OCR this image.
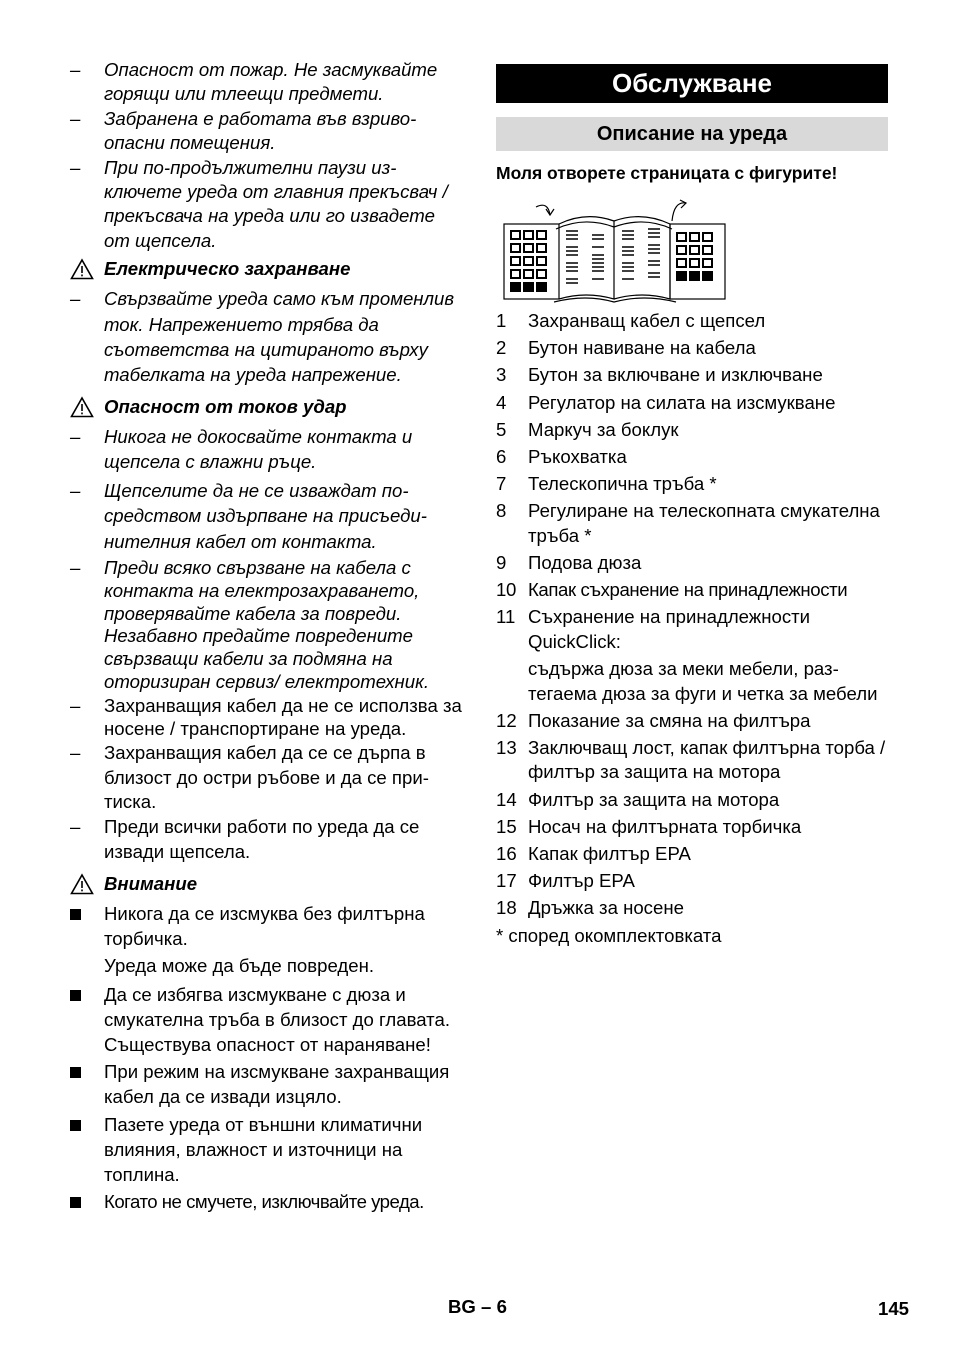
–
Опасност от пожар. Не засмуквайте горящи или тлеещи предмети.
–
Забранена е работата във взривоопасни помещения.
–
При по-продължителни паузи изключете уреда от главния прекъсвач / прекъсвача на уреда или го извадете от щепсела.
Електрическо захранване
–
Свързвайте уреда само към променлив ток. Напрежението трябва да съответства на цитираното върху табелката на уреда напрежение.
Опасност от токов удар
–
Никога не докосвайте контакта и щепсела с влажни ръце.
–
Щепселите да не се изваждат посредством издърпване на присъединителния кабел от контакта.
–
Преди всяко свързване на кабела с контакта на електрозахраването, проверявайте кабела за повреди. Незабавно предайте повредените свързващи кабели за подмяна на оторизиран сервиз/ електротехник.
–
Захранващия кабел да не се исползва за носене / транспортиране на уреда.
–
Захранващия кабел да се се дърпа в близост до остри ръбове и да се притиска.
–
Преди всички работи по уреда да се извади щепсела.
Внимание
Никога да се изсмуква без филтърна торбичка.
Уреда може да бъде повреден.
Да се избягва изсмукване с дюза и смукателна тръба в близост до главата. Съществува опасност от нараняване!
При режим на изсмукване захранващия кабел да се извади изцяло.
Пазете уреда от външни климатични влияния, влажност и източници на топлина.
Когато не смучете, изключвайте уреда.
Обслужване
Описание на уреда
Моля отворете страницата с фигурите!
1 Захранващ кабел с щепсел
2 Бутон навиване на кабела
3 Бутон за включване и изключване
4 Регулатор на силата на изсмукване
5 Маркуч за боклук
6 Ръкохватка
7 Телескопична тръба *
8 Регулиране на телескопната смукателна тръба *
9 Подова дюза
10 Капак съхранение на принадлежности
11 Съхранение на принадлежности QuickClick:
съдържа дюза за меки мебели, разтегаема дюза за фуги и четка за мебели
12 Показание за смяна на филтъра
13 Заключващ лост, капак филтърна торба / филтър за защита на мотора
14 Филтър за защита на мотора
15 Носач на филтърната торбичка
16 Капак филтър EPA
17 Филтър EPA
18 Дръжка за носене
* според окомплектовката
BG – 6	145
